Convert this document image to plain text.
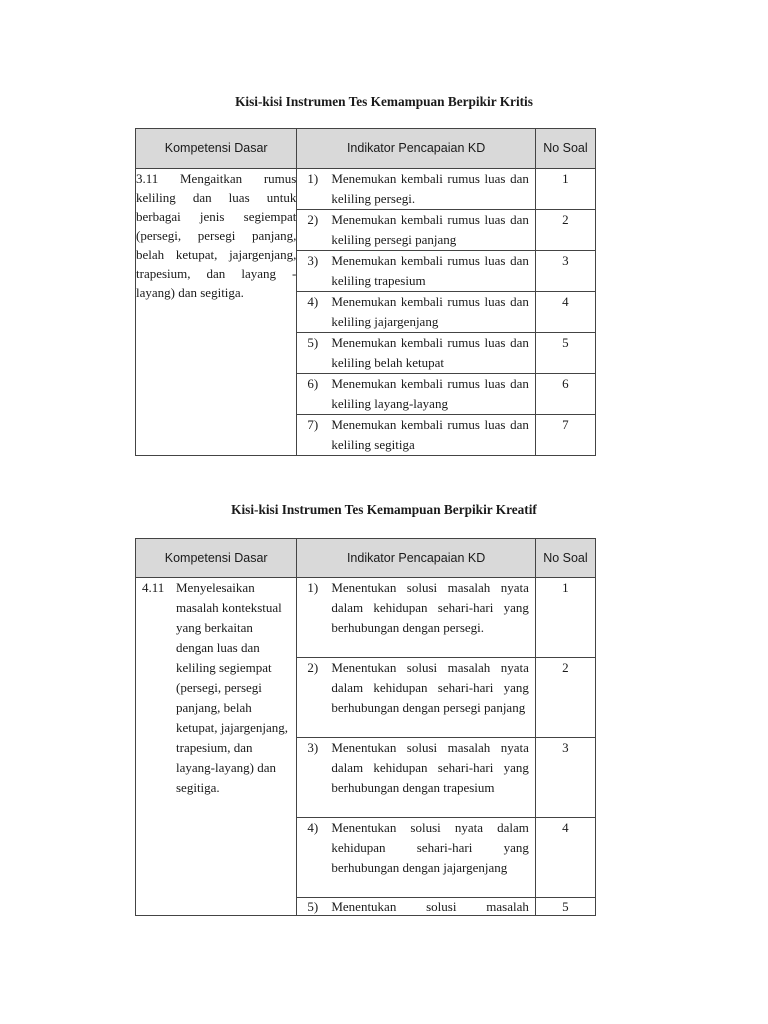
Kisi-kisi Instrumen Tes Kemampuan Berpikir Kritis
Kompetensi Dasar	Indikator Pencapaian KD	No Soal
3.11 Mengaitkan rumus keliling dan luas untuk berbagai jenis segiempat (persegi, persegi panjang, belah ketupat, jajargenjang, trapesium, dan layang -layang) dan segitiga.	1) Menemukan kembali rumus luas dan keliling persegi.	1

	2) Menemukan kembali rumus luas dan keliling persegi panjang	2

	3) Menemukan kembali rumus luas dan keliling trapesium	3

	4) Menemukan kembali rumus luas dan keliling jajargenjang	4

	5) Menemukan kembali rumus luas dan keliling belah ketupat	5

	6) Menemukan kembali rumus luas dan keliling layang-layang	6

	7) Menemukan kembali rumus luas dan keliling segitiga	7
Kisi-kisi Instrumen Tes Kemampuan Berpikir Kreatif
Kompetensi Dasar	Indikator Pencapaian KD	No Soal

4.11 Menyelesaikan masalah kontekstual yang berkaitan dengan luas dan keliling segiempat (persegi, persegi panjang, belah ketupat, jajargenjang, trapesium, dan layang-layang) dan segitiga.	1) Menentukan solusi masalah nyata dalam kehidupan sehari-hari yang berhubungan dengan persegi.	1

	2) Menentukan solusi masalah nyata dalam kehidupan sehari-hari yang berhubungan dengan persegi panjang	2

	3) Menentukan solusi masalah nyata dalam kehidupan sehari-hari yang berhubungan dengan trapesium	3

	4) Menentukan solusi nyata dalam kehidupan sehari-hari yang berhubungan dengan jajargenjang	4

	5) Menentukan solusi masalah	5
